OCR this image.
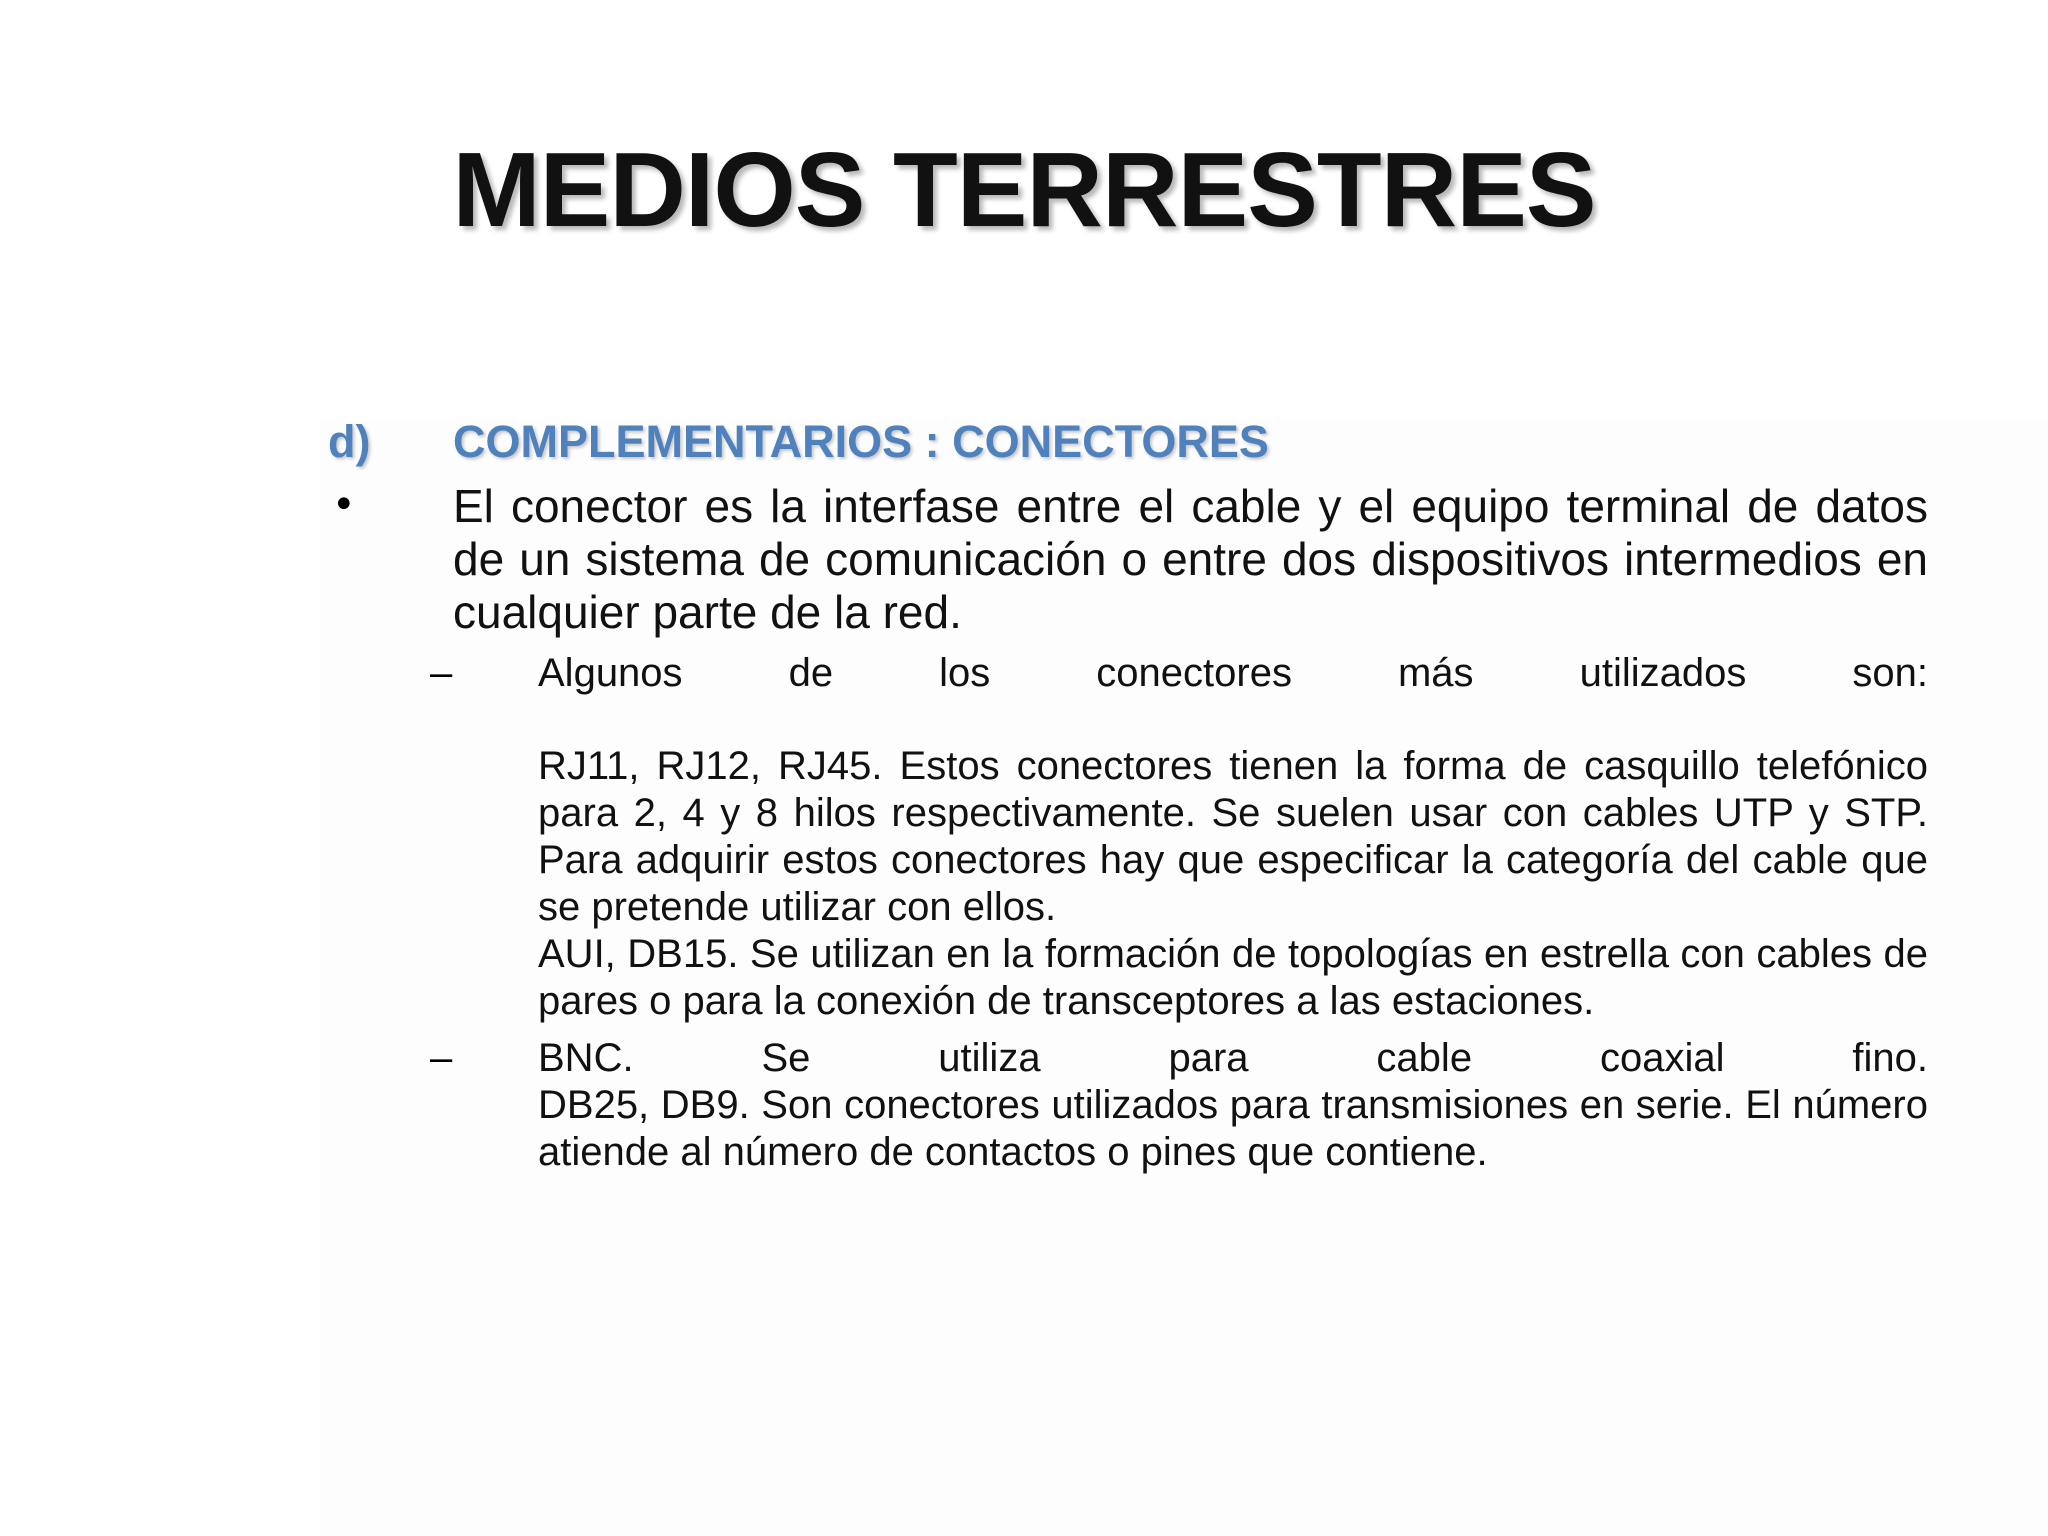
MEDIOS TERRESTRES
d) COMPLEMENTARIOS : CONECTORES
• El conector es la interfase entre el cable y el equipo terminal de datos de un sistema de comunicación o entre dos dispositivos intermedios en cualquier parte de la red.
– Algunos de los conectores más utilizados son:
RJ11, RJ12, RJ45. Estos conectores tienen la forma de casquillo telefónico para 2, 4 y 8 hilos respectivamente. Se suelen usar con cables UTP y STP. Para adquirir estos conectores hay que especificar la categoría del cable que se pretende utilizar con ellos.
AUI, DB15. Se utilizan en la formación de topologías en estrella con cables de pares o para la conexión de transceptores a las estaciones.
– BNC. Se utiliza para cable coaxial fino.
DB25, DB9. Son conectores utilizados para transmisiones en serie. El número atiende al número de contactos o pines que contiene.
